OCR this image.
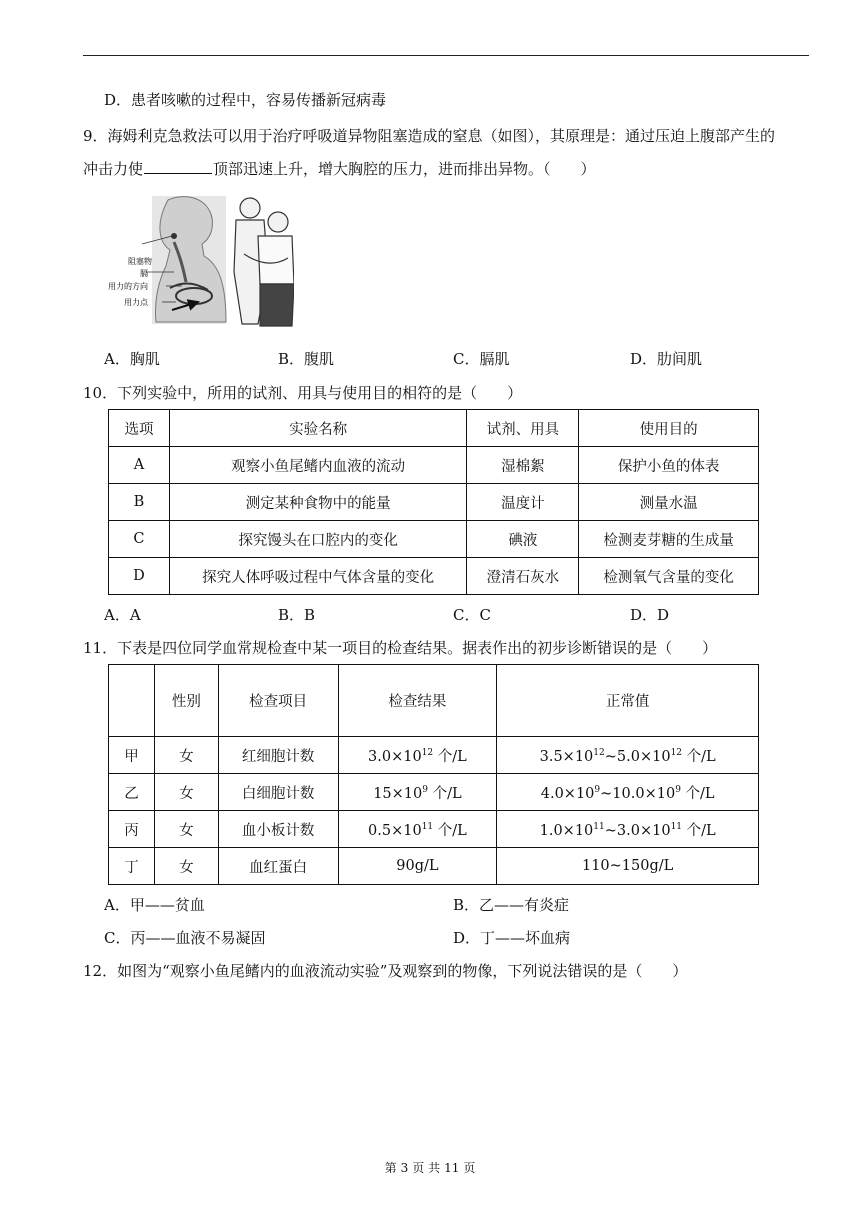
D．患者咳嗽的过程中，容易传播新冠病毒
9．海姆利克急救法可以用于治疗呼吸道异物阻塞造成的窒息（如图），其原理是：通过压迫上腹部产生的
冲击力使	顶部迅速上升，增大胸腔的压力，进而排出异物。（　　）
阻塞物
膈
用力的方向
用力点
A．胸肌	B．腹肌	C．膈肌	D．肋间肌
10．下列实验中，所用的试剂、用具与使用目的相符的是（　　）
选项	实验名称	试剂、用具	使用目的
A	观察小鱼尾鳍内血液的流动	湿棉絮	保护小鱼的体表
B	测定某种食物中的能量	温度计	测量水温
C	探究馒头在口腔内的变化	碘液	检测麦芽糖的生成量
D	探究人体呼吸过程中气体含量的变化	澄清石灰水	检测氧气含量的变化
A．A	B．B	C．C	D．D
11．下表是四位同学血常规检查中某一项目的检查结果。据表作出的初步诊断错误的是（　　）
	性别	检查项目	检查结果	正常值
甲	女	红细胞计数	$3.0\times 10^{12}$ 个/L	$3.5\times 10^{12}\sim 5.0\times 10^{12}$ 个/L
乙	女	白细胞计数	$15\times 10^9$ 个/L	$4.0\times 10^9\sim 10.0\times 10^9$ 个/L
丙	女	血小板计数	$0.5\times 10^{11}$ 个/L	$1.0\times 10^{11}\sim 3.0\times 10^{11}$ 个/L
丁	女	血红蛋白	90g/L	110~150g/L
A．甲——贫血	B．乙——有炎症
C．丙——血液不易凝固	D．丁——坏血病
12．如图为“观察小鱼尾鳍内的血液流动实验”及观察到的物像，下列说法错误的是（　　）
第 3 页 共 11 页
